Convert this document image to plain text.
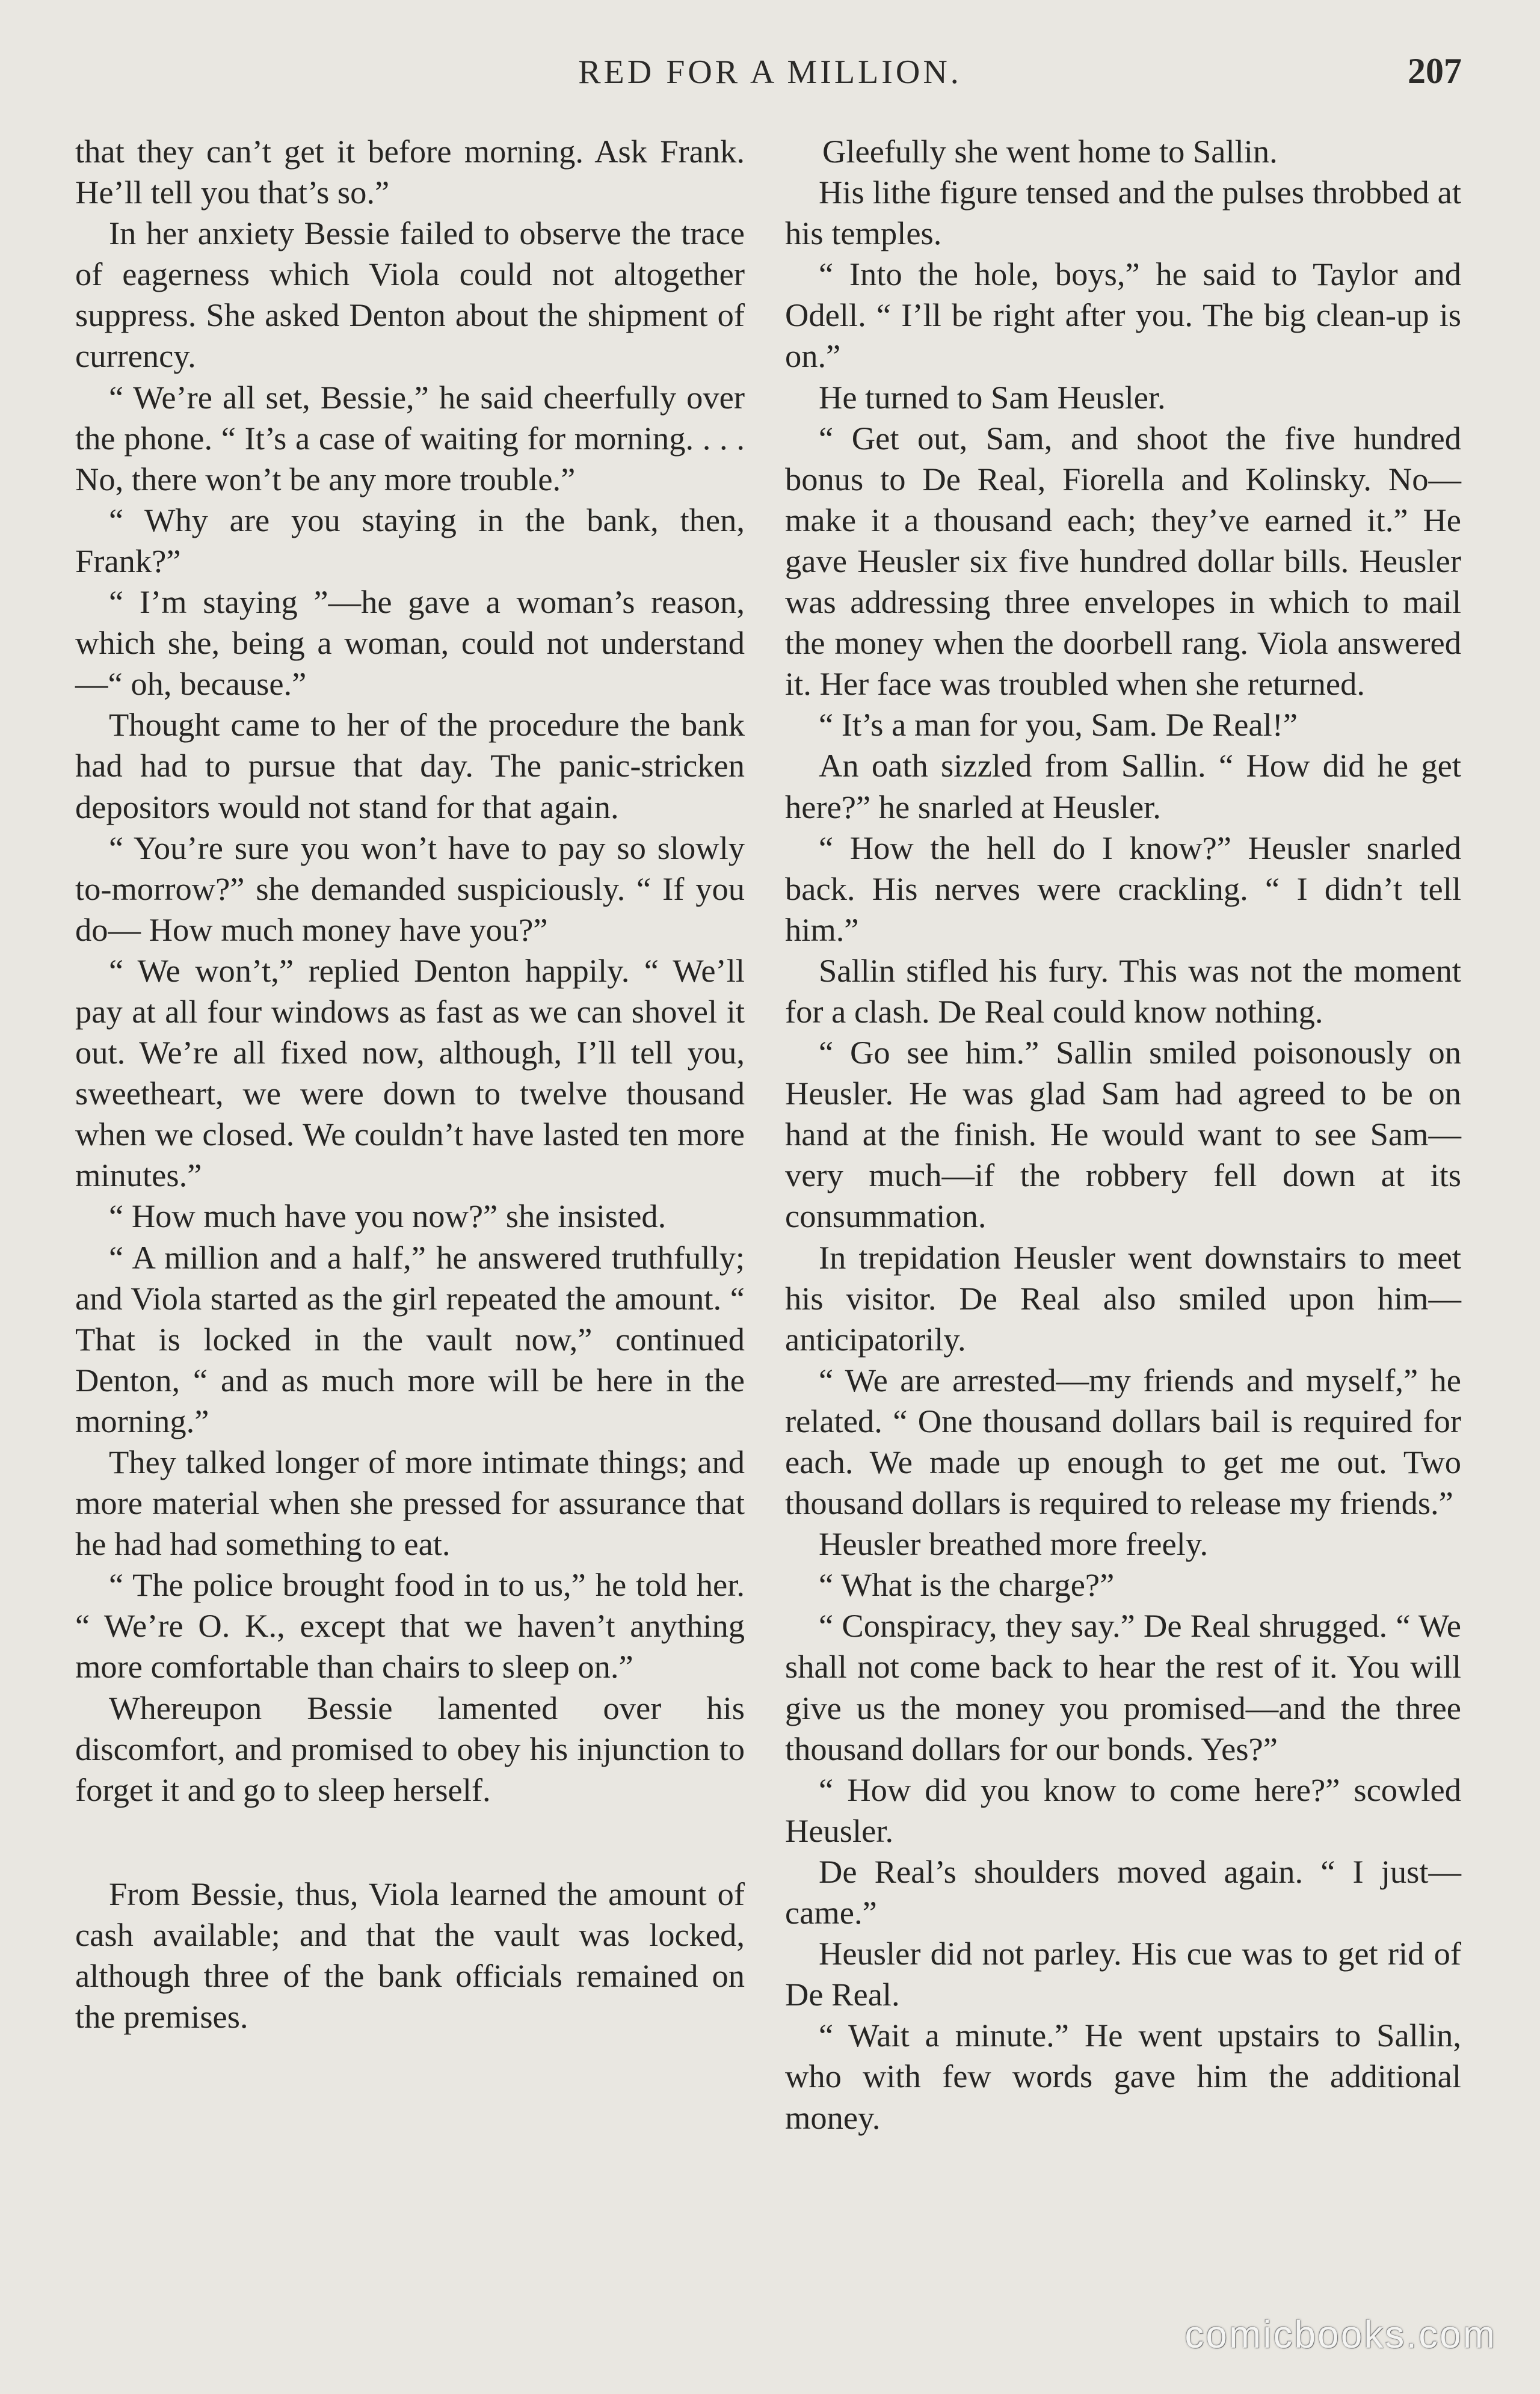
RED FOR A MILLION.	207

that they can’t get it before morning. Ask Frank. He’ll tell you that’s so.”

In her anxiety Bessie failed to observe the trace of eagerness which Viola could not altogether suppress. She asked Denton about the shipment of currency.

“ We’re all set, Bessie,” he said cheerfully over the phone. “ It’s a case of waiting for morning. . . . No, there won’t be any more trouble.”

“ Why are you staying in the bank, then, Frank?”

“ I’m staying ”—he gave a woman’s reason, which she, being a woman, could not understand—“ oh, because.”

Thought came to her of the procedure the bank had had to pursue that day. The panic-stricken depositors would not stand for that again.

“ You’re sure you won’t have to pay so slowly to-morrow?” she demanded suspiciously. “ If you do— How much money have you?”

“ We won’t,” replied Denton happily. “ We’ll pay at all four windows as fast as we can shovel it out. We’re all fixed now, although, I’ll tell you, sweetheart, we were down to twelve thousand when we closed. We couldn’t have lasted ten more minutes.”

“ How much have you now?” she insisted.

“ A million and a half,” he answered truthfully; and Viola started as the girl repeated the amount. “ That is locked in the vault now,” continued Denton, “ and as much more will be here in the morning.”

They talked longer of more intimate things; and more material when she pressed for assurance that he had had something to eat.

“ The police brought food in to us,” he told her. “ We’re O. K., except that we haven’t anything more comfortable than chairs to sleep on.”

Whereupon Bessie lamented over his discomfort, and promised to obey his injunction to forget it and go to sleep herself.

From Bessie, thus, Viola learned the amount of cash available; and that the vault was locked, although three of the bank officials remained on the premises.

Gleefully she went home to Sallin.

His lithe figure tensed and the pulses throbbed at his temples.

“ Into the hole, boys,” he said to Taylor and Odell. “ I’ll be right after you. The big clean-up is on.”

He turned to Sam Heusler.

“ Get out, Sam, and shoot the five hundred bonus to De Real, Fiorella and Kolinsky. No—make it a thousand each; they’ve earned it.” He gave Heusler six five hundred dollar bills. Heusler was addressing three envelopes in which to mail the money when the doorbell rang. Viola answered it. Her face was troubled when she returned.

“ It’s a man for you, Sam. De Real!”

An oath sizzled from Sallin. “ How did he get here?” he snarled at Heusler.

“ How the hell do I know?” Heusler snarled back. His nerves were crackling. “ I didn’t tell him.”

Sallin stifled his fury. This was not the moment for a clash. De Real could know nothing.

“ Go see him.” Sallin smiled poisonously on Heusler. He was glad Sam had agreed to be on hand at the finish. He would want to see Sam—very much—if the robbery fell down at its consummation.

In trepidation Heusler went downstairs to meet his visitor. De Real also smiled upon him—anticipatorily.

“ We are arrested—my friends and myself,” he related. “ One thousand dollars bail is required for each. We made up enough to get me out. Two thousand dollars is required to release my friends.”

Heusler breathed more freely.

“ What is the charge?”

“ Conspiracy, they say.” De Real shrugged. “ We shall not come back to hear the rest of it. You will give us the money you promised—and the three thousand dollars for our bonds. Yes?”

“ How did you know to come here?” scowled Heusler.

De Real’s shoulders moved again. “ I just—came.”

Heusler did not parley. His cue was to get rid of De Real.

“ Wait a minute.” He went upstairs to Sallin, who with few words gave him the additional money.

comicbooks.com
